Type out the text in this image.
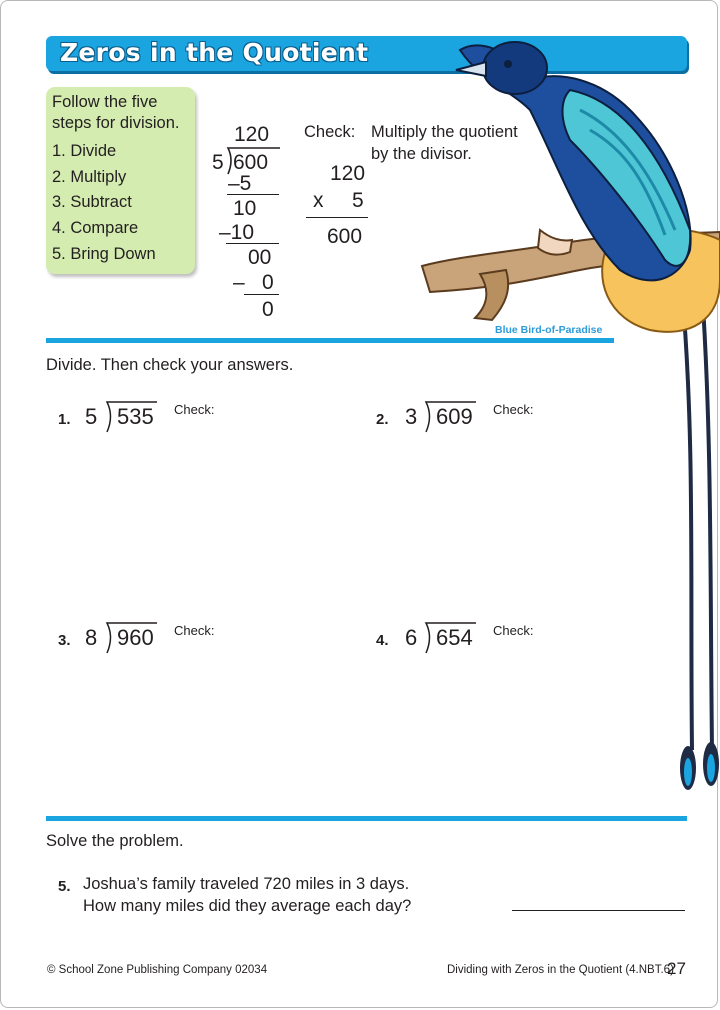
Zeros in the Quotient
Follow the five
steps for division.
1. Divide
2. Multiply
3. Subtract
4. Compare
5. Bring Down
120
5 600
–5
10
–10
00
– 0
0
Check: Multiply the quotient
by the divisor.
120
x 5
600
Blue Bird-of-Paradise
Divide. Then check your answers.
1. 5 535 Check:
2. 3 609 Check:
3. 8 960 Check:
4. 6 654 Check:
Solve the problem.
5. Joshua’s family traveled 720 miles in 3 days.
How many miles did they average each day?
© School Zone Publishing Company 02034	Dividing with Zeros in the Quotient (4.NBT.6)
27
